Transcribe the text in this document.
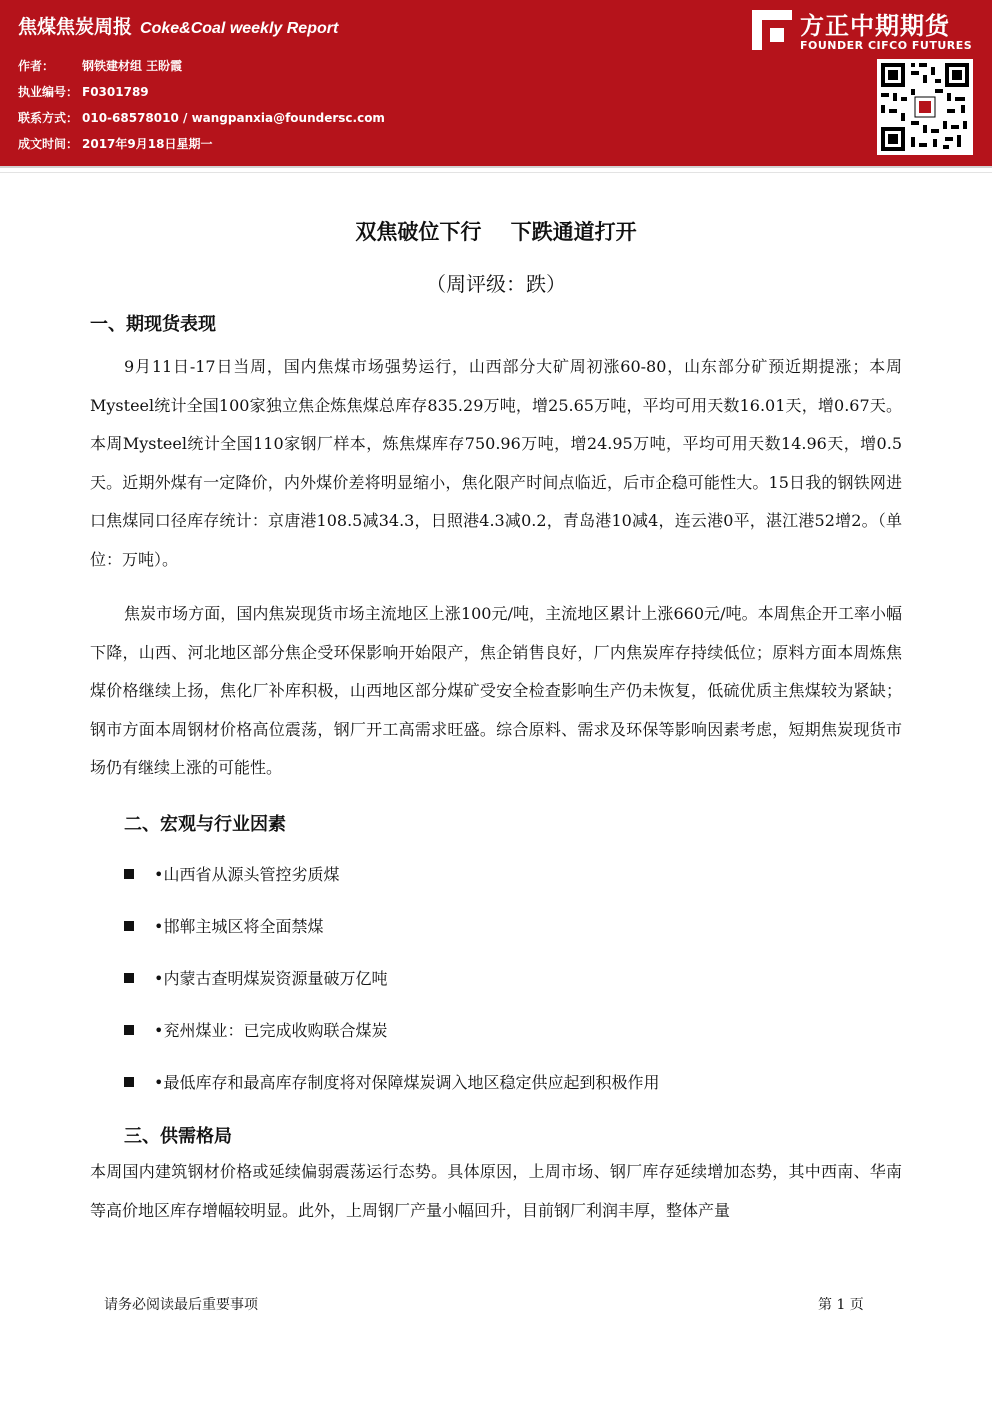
焦煤焦炭周报 Coke&Coal weekly Report
作者： 钢铁建材组 王盼霞
执业编号： F0301789
联系方式： 010-68578010 / wangpanxia@foundersc.com
成文时间： 2017年9月18日星期一
方正中期期货
FOUNDER CIFCO FUTURES
双焦破位下行    下跌通道打开
（周评级：跌）
一、期现货表现

9月11日-17日当周，国内焦煤市场强势运行，山西部分大矿周初涨60-80，山东部分矿预近期提涨；本周Mysteel统计全国100家独立焦企炼焦煤总库存835.29万吨，增25.65万吨，平均可用天数16.01天，增0.67天。本周Mysteel统计全国110家钢厂样本，炼焦煤库存750.96万吨，增24.95万吨，平均可用天数14.96天，增0.5天。近期外煤有一定降价，内外煤价差将明显缩小，焦化限产时间点临近，后市企稳可能性大。15日我的钢铁网进口焦煤同口径库存统计：京唐港108.5减34.3，日照港4.3减0.2，青岛港10减4，连云港0平，湛江港52增2。（单位：万吨）。

焦炭市场方面，国内焦炭现货市场主流地区上涨100元/吨，主流地区累计上涨660元/吨。本周焦企开工率小幅下降，山西、河北地区部分焦企受环保影响开始限产，焦企销售良好，厂内焦炭库存持续低位；原料方面本周炼焦煤价格继续上扬，焦化厂补库积极，山西地区部分煤矿受安全检查影响生产仍未恢复，低硫优质主焦煤较为紧缺；钢市方面本周钢材价格高位震荡，钢厂开工高需求旺盛。综合原料、需求及环保等影响因素考虑，短期焦炭现货市场仍有继续上涨的可能性。

二、宏观与行业因素
•山西省从源头管控劣质煤
•邯郸主城区将全面禁煤
•内蒙古查明煤炭资源量破万亿吨
•兖州煤业：已完成收购联合煤炭
•最低库存和最高库存制度将对保障煤炭调入地区稳定供应起到积极作用
三、供需格局

本周国内建筑钢材价格或延续偏弱震荡运行态势。具体原因，上周市场、钢厂库存延续增加态势，其中西南、华南等高价地区库存增幅较明显。此外，上周钢厂产量小幅回升，目前钢厂利润丰厚，整体产量

请务必阅读最后重要事项	第 1 页
